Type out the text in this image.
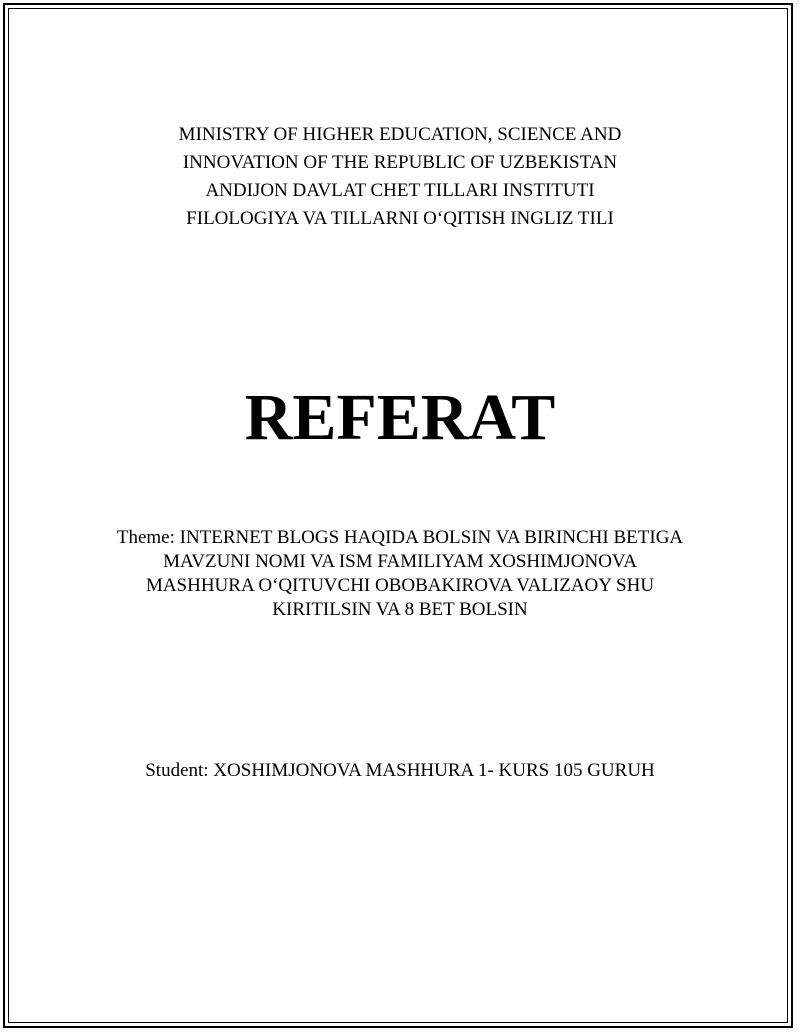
MINISTRY OF HIGHER EDUCATION, SCIENCE AND
INNOVATION OF THE REPUBLIC OF UZBEKISTAN
ANDIJON DAVLAT CHET TILLARI INSTITUTI
FILOLOGIYA VA TILLARNI O‘QITISH INGLIZ TILI
REFERAT
Theme: INTERNET BLOGS HAQIDA BOLSIN VA BIRINCHI BETIGA
MAVZUNI NOMI VA ISM FAMILIYAM XOSHIMJONOVA
MASHHURA O‘QITUVCHI OBOBAKIROVA VALIZAOY SHU
KIRITILSIN VA 8 BET BOLSIN
Student: XOSHIMJONOVA MASHHURA 1- KURS 105 GURUH
